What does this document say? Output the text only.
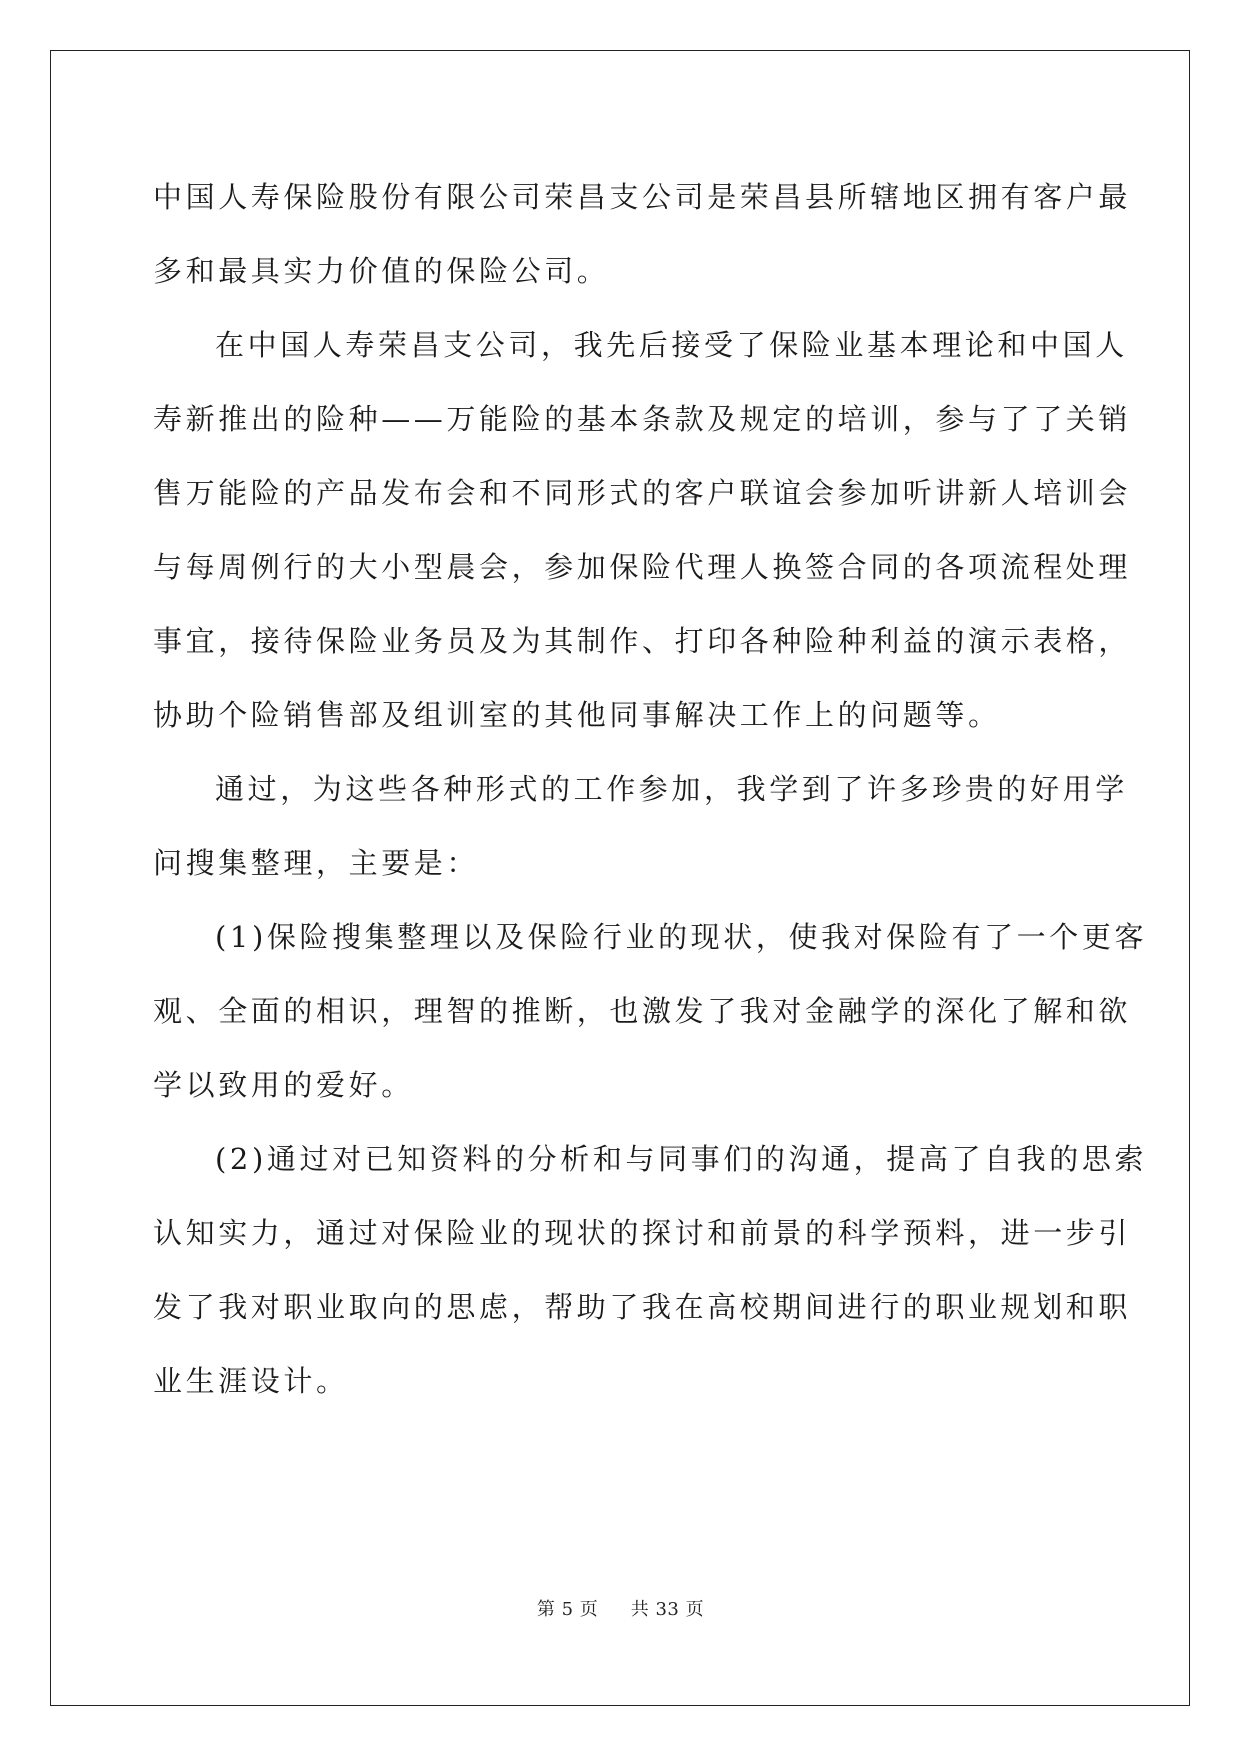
中国人寿保险股份有限公司荣昌支公司是荣昌县所辖地区拥有客户最
多和最具实力价值的保险公司。

在中国人寿荣昌支公司，我先后接受了保险业基本理论和中国人
寿新推出的险种——万能险的基本条款及规定的培训，参与了了关销
售万能险的产品发布会和不同形式的客户联谊会参加听讲新人培训会
与每周例行的大小型晨会，参加保险代理人换签合同的各项流程处理
事宜，接待保险业务员及为其制作、打印各种险种利益的演示表格，
协助个险销售部及组训室的其他同事解决工作上的问题等。

通过，为这些各种形式的工作参加，我学到了许多珍贵的好用学
问搜集整理，主要是：

(1)保险搜集整理以及保险行业的现状，使我对保险有了一个更客
观、全面的相识，理智的推断，也激发了我对金融学的深化了解和欲
学以致用的爱好。

(2)通过对已知资料的分析和与同事们的沟通，提高了自我的思索
认知实力，通过对保险业的现状的探讨和前景的科学预料，进一步引
发了我对职业取向的思虑，帮助了我在高校期间进行的职业规划和职
业生涯设计。

第 5 页 共 33 页
